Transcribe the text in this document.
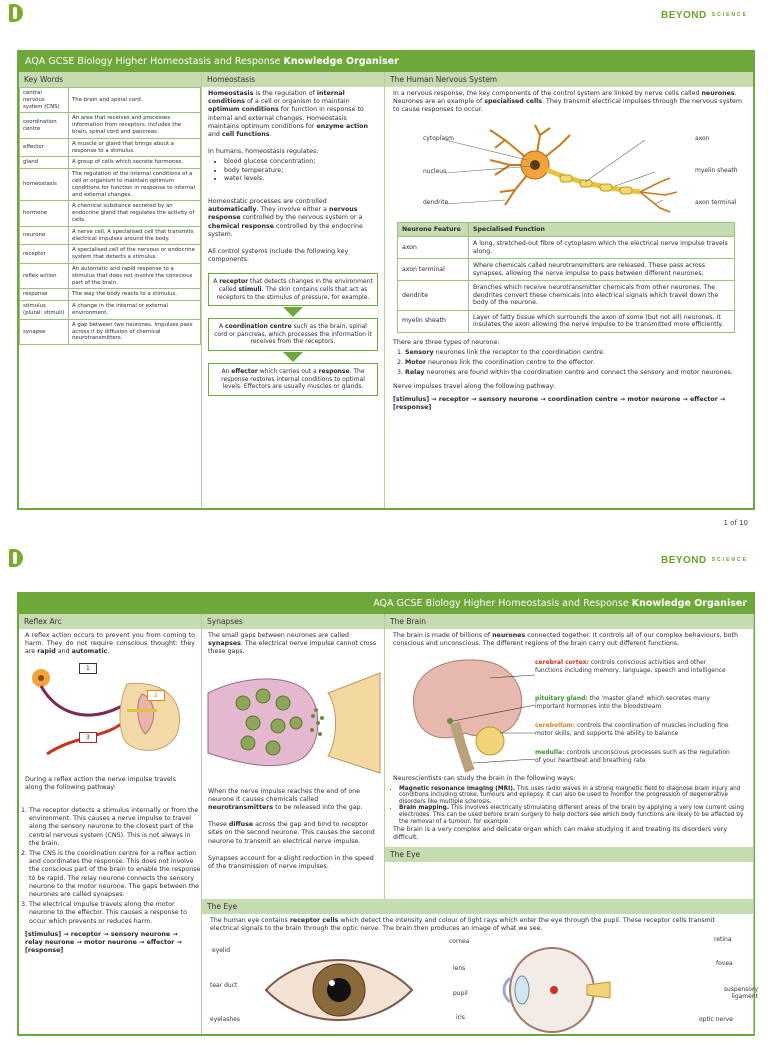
BEYOND SCIENCE
AQA GCSE Biology Higher Homeostasis and Response Knowledge Organiser
Key Words
central nervous system (CNS)	The brain and spinal cord.
coordination centre	An area that receives and processes information from receptors. Includes the brain, spinal cord and pancreas.
effector	A muscle or gland that brings about a response to a stimulus.
gland	A group of cells which secrete hormones.
homeostasis	The regulation of the internal conditions of a cell or organism to maintain optimum conditions for function in response to internal and external changes.
hormone	A chemical substance secreted by an endocrine gland that regulates the activity of cells.
neurone	A nerve cell. A specialised cell that transmits electrical impulses around the body.
receptor	A specialised cell of the nervous or endocrine system that detects a stimulus.
reflex action	An automatic and rapid response to a stimulus that does not involve the conscious part of the brain.
response	The way the body reacts to a stimulus.
stimulus (plural: stimuli)	A change in the internal or external environment.
synapse	A gap between two neurones. Impulses pass across it by diffusion of chemical neurotransmitters.
Homeostasis
Homeostasis is the regulation of internal conditions of a cell or organism to maintain optimum conditions for function in response to internal and external changes. Homeostasis maintains optimum conditions for enzyme action and cell functions.
In humans, homeostasis regulates:
• blood glucose concentration;
• body temperature;
• water levels.
Homeostatic processes are controlled automatically. They involve either a nervous response controlled by the nervous system or a chemical response controlled by the endocrine system.
All control systems include the following key components:
A receptor that detects changes in the environment called stimuli. The skin contains cells that act as receptors to the stimulus of pressure, for example.
A coordination centre such as the brain, spinal cord or pancreas, which processes the information it receives from the receptors.
An effector which carries out a response. The response restores internal conditions to optimal levels. Effectors are usually muscles or glands.
The Human Nervous System
In a nervous response, the key components of the control system are linked by nerve cells called neurones. Neurones are an example of specialised cells. They transmit electrical impulses through the nervous system to cause responses to occur.
cytoplasm
nucleus
dendrite
axon
myelin sheath
axon terminal
Neurone Feature	Specialised Function
axon	A long, stretched-out fibre of cytoplasm which the electrical nerve impulse travels along.
axon terminal	Where chemicals called neurotransmitters are released. These pass across synapses, allowing the nerve impulse to pass between different neurones.
dendrite	Branches which receive neurotransmitter chemicals from other neurones. The dendrites convert these chemicals into electrical signals which travel down the body of the neurone.
myelin sheath	Layer of fatty tissue which surrounds the axon of some (but not all) neurones. It insulates the axon allowing the nerve impulse to be transmitted more efficiently.
There are three types of neurone:
1. Sensory neurones link the receptor to the coordination centre.
2. Motor neurones link the coordination centre to the effector.
3. Relay neurones are found within the coordination centre and connect the sensory and motor neurones.
Nerve impulses travel along the following pathway:
[stimulus] → receptor → sensory neurone → coordination centre → motor neurone → effector → [response]
1 of 10
BEYOND SCIENCE
AQA GCSE Biology Higher Homeostasis and Response Knowledge Organiser
Reflex Arc
A reflex action occurs to prevent you from coming to harm. They do not require conscious thought: they are rapid and automatic.
1
2
3
During a reflex action the nerve impulse travels along the following pathway:
1. The receptor detects a stimulus internally or from the environment. This causes a nerve impulse to travel along the sensory neurone to the closest part of the central nervous system (CNS). This is not always in the brain.
2. The CNS is the coordination centre for a reflex action and coordinates the response. This does not involve the conscious part of the brain to enable the response to be rapid. The relay neurone connects the sensory neurone to the motor neurone. The gaps between the neurones are called synapses.
3. The electrical impulse travels along the motor neurone to the effector. This causes a response to occur which prevents or reduces harm.
[stimulus] → receptor → sensory neurone → relay neurone → motor neurone → effector → [response]
Synapses
The small gaps between neurones are called synapses. The electrical nerve impulse cannot cross these gaps.
When the nerve impulse reaches the end of one neurone it causes chemicals called neurotransmitters to be released into the gap.
These diffuse across the gap and bind to receptor sites on the second neurone. This causes the second neurone to transmit an electrical nerve impulse.
Synapses account for a slight reduction in the speed of the transmission of nerve impulses.
The Brain
The brain is made of billions of neurones connected together. It controls all of our complex behaviours, both conscious and unconscious. The different regions of the brain carry out different functions.
cerebral cortex: controls conscious activities and other functions including memory, language, speech and intelligence
pituitary gland: the 'master gland' which secretes many important hormones into the bloodstream
cerebellum: controls the coordination of muscles including fine motor skills, and supports the ability to balance
medulla: controls unconscious processes such as the regulation of your heartbeat and breathing rate
Neuroscientists can study the brain in the following ways:
• Magnetic resonance imaging (MRI). This uses radio waves in a strong magnetic field to diagnose brain injury and conditions including stroke, tumours and epilepsy. It can also be used to monitor the progression of degenerative disorders like multiple sclerosis.
• Brain mapping. This involves electrically stimulating different areas of the brain by applying a very low current using electrodes. This can be used before brain surgery to help doctors see which body functions are likely to be affected by the removal of a tumour, for example.
The brain is a very complex and delicate organ which can make studying it and treating its disorders very difficult.
The Eye
The Eye
The human eye contains receptor cells which detect the intensity and colour of light rays which enter the eye through the pupil. These receptor cells transmit electrical signals to the brain through the optic nerve. The brain then produces an image of what we see.
eyelid
tear duct
eyelashes
cornea
lens
pupil
iris
retina
fovea
suspensory ligament
optic nerve
